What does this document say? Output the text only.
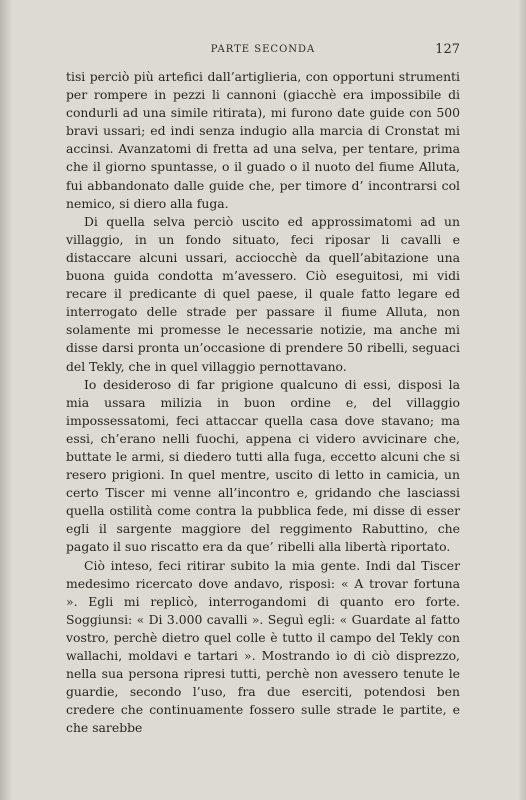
PARTE SECONDA	127

tisi perciò più artefici dall’artiglieria, con opportuni strumenti per rompere in pezzi li cannoni (giacchè era impossibile di condurli ad una simile ritirata), mi furono date guide con 500 bravi ussari; ed indi senza indugio alla marcia di Cronstat mi accinsi. Avanzatomi di fretta ad una selva, per tentare, prima che il giorno spuntasse, o il guado o il nuoto del fiume Alluta, fui abbandonato dalle guide che, per timore d’ incontrarsi col nemico, si diero alla fuga.

Di quella selva perciò uscito ed approssimatomi ad un villaggio, in un fondo situato, feci riposar li cavalli e distaccare alcuni ussari, acciocchè da quell’abitazione una buona guida condotta m’avessero. Ciò eseguitosi, mi vidi recare il predicante di quel paese, il quale fatto legare ed interrogato delle strade per passare il fiume Alluta, non solamente mi promesse le necessarie notizie, ma anche mi disse darsi pronta un’occasione di prendere 50 ribelli, seguaci del Tekly, che in quel villaggio pernottavano.

Io desideroso di far prigione qualcuno di essi, disposi la mia ussara milizia in buon ordine e, del villaggio impossessatomi, feci attaccar quella casa dove stavano; ma essi, ch’erano nelli fuochi, appena ci videro avvicinare che, buttate le armi, si diedero tutti alla fuga, eccetto alcuni che si resero prigioni. In quel mentre, uscito di letto in camicia, un certo Tiscer mi venne all’incontro e, gridando che lasciassi quella ostilità come contra la pubblica fede, mi disse di esser egli il sargente maggiore del reggimento Rabuttino, che pagato il suo riscatto era da que’ ribelli alla libertà riportato.

Ciò inteso, feci ritirar subito la mia gente. Indi dal Tiscer medesimo ricercato dove andavo, risposi: « A trovar fortuna ». Egli mi replicò, interrogandomi di quanto ero forte. Soggiunsi: « Di 3.000 cavalli ». Seguì egli: « Guardate al fatto vostro, perchè dietro quel colle è tutto il campo del Tekly con wallachi, moldavi e tartari ». Mostrando io di ciò disprezzo, nella sua persona ripresi tutti, perchè non avessero tenute le guardie, secondo l’uso, fra due eserciti, potendosi ben credere che continuamente fossero sulle strade le partite, e che sarebbe
